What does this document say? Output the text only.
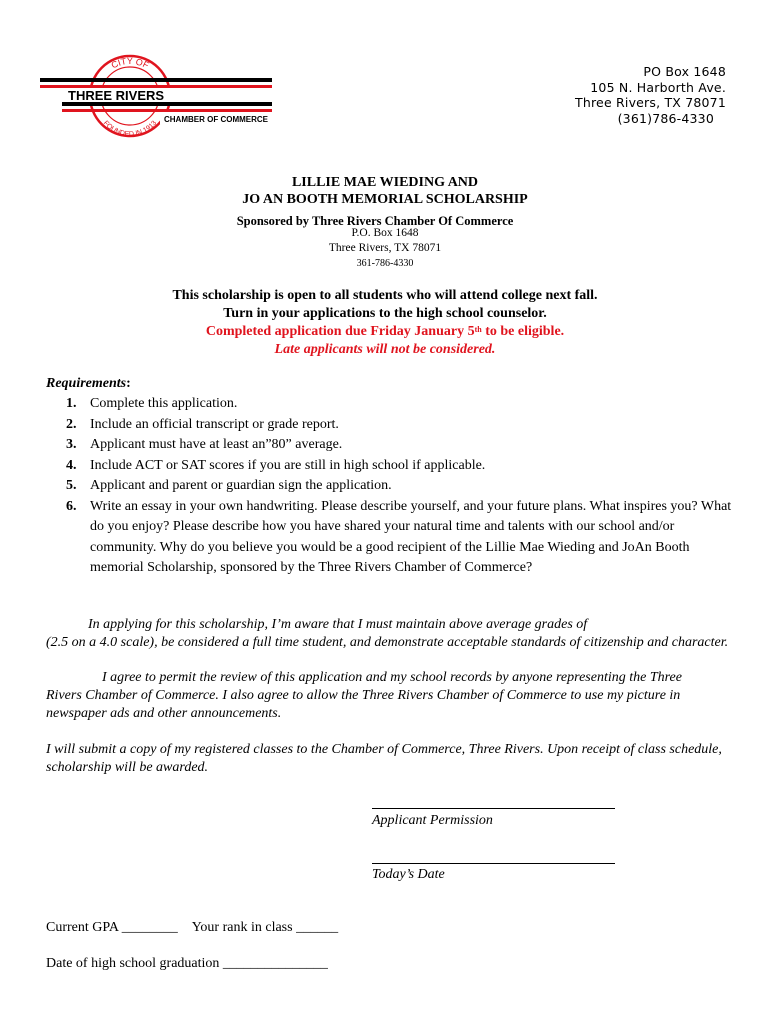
CITY OF
FOUNDED IN 1913
THREE RIVERS
CHAMBER OF COMMERCE
PO Box 1648
105 N. Harborth Ave.
Three Rivers, TX 78071
(361)786-4330
LILLIE MAE WIEDING AND
JO AN BOOTH MEMORIAL SCHOLARSHIP
Sponsored by Three Rivers Chamber Of Commerce
P.O. Box 1648
Three Rivers, TX 78071
361-786-4330
This scholarship is open to all students who will attend college next fall.
Turn in your applications to the high school counselor.
Completed application due Friday January 5th to be eligible.
Late applicants will not be considered.
Requirements:
1. Complete this application.
2. Include an official transcript or grade report.
3. Applicant must have at least an”80” average.
4. Include ACT or SAT scores if you are still in high school if applicable.
5. Applicant and parent or guardian sign the application.
6. Write an essay in your own handwriting. Please describe yourself, and your future plans. What inspires you? What do you enjoy? Please describe how you have shared your natural time and talents with our school and/or community. Why do you believe you would be a good recipient of the Lillie Mae Wieding and JoAn Booth memorial Scholarship, sponsored by the Three Rivers Chamber of Commerce?
In applying for this scholarship, I’m aware that I must maintain above average grades of
(2.5 on a 4.0 scale), be considered a full time student, and demonstrate acceptable standards of citizenship and character.
I agree to permit the review of this application and my school records by anyone representing the Three
Rivers Chamber of Commerce. I also agree to allow the Three Rivers Chamber of Commerce to use my picture in newspaper ads and other announcements.
I will submit a copy of my registered classes to the Chamber of Commerce, Three Rivers. Upon receipt of class schedule, scholarship will be awarded.
Applicant Permission
Today’s Date
Current GPA ________ Your rank in class ______
Date of high school graduation _______________
